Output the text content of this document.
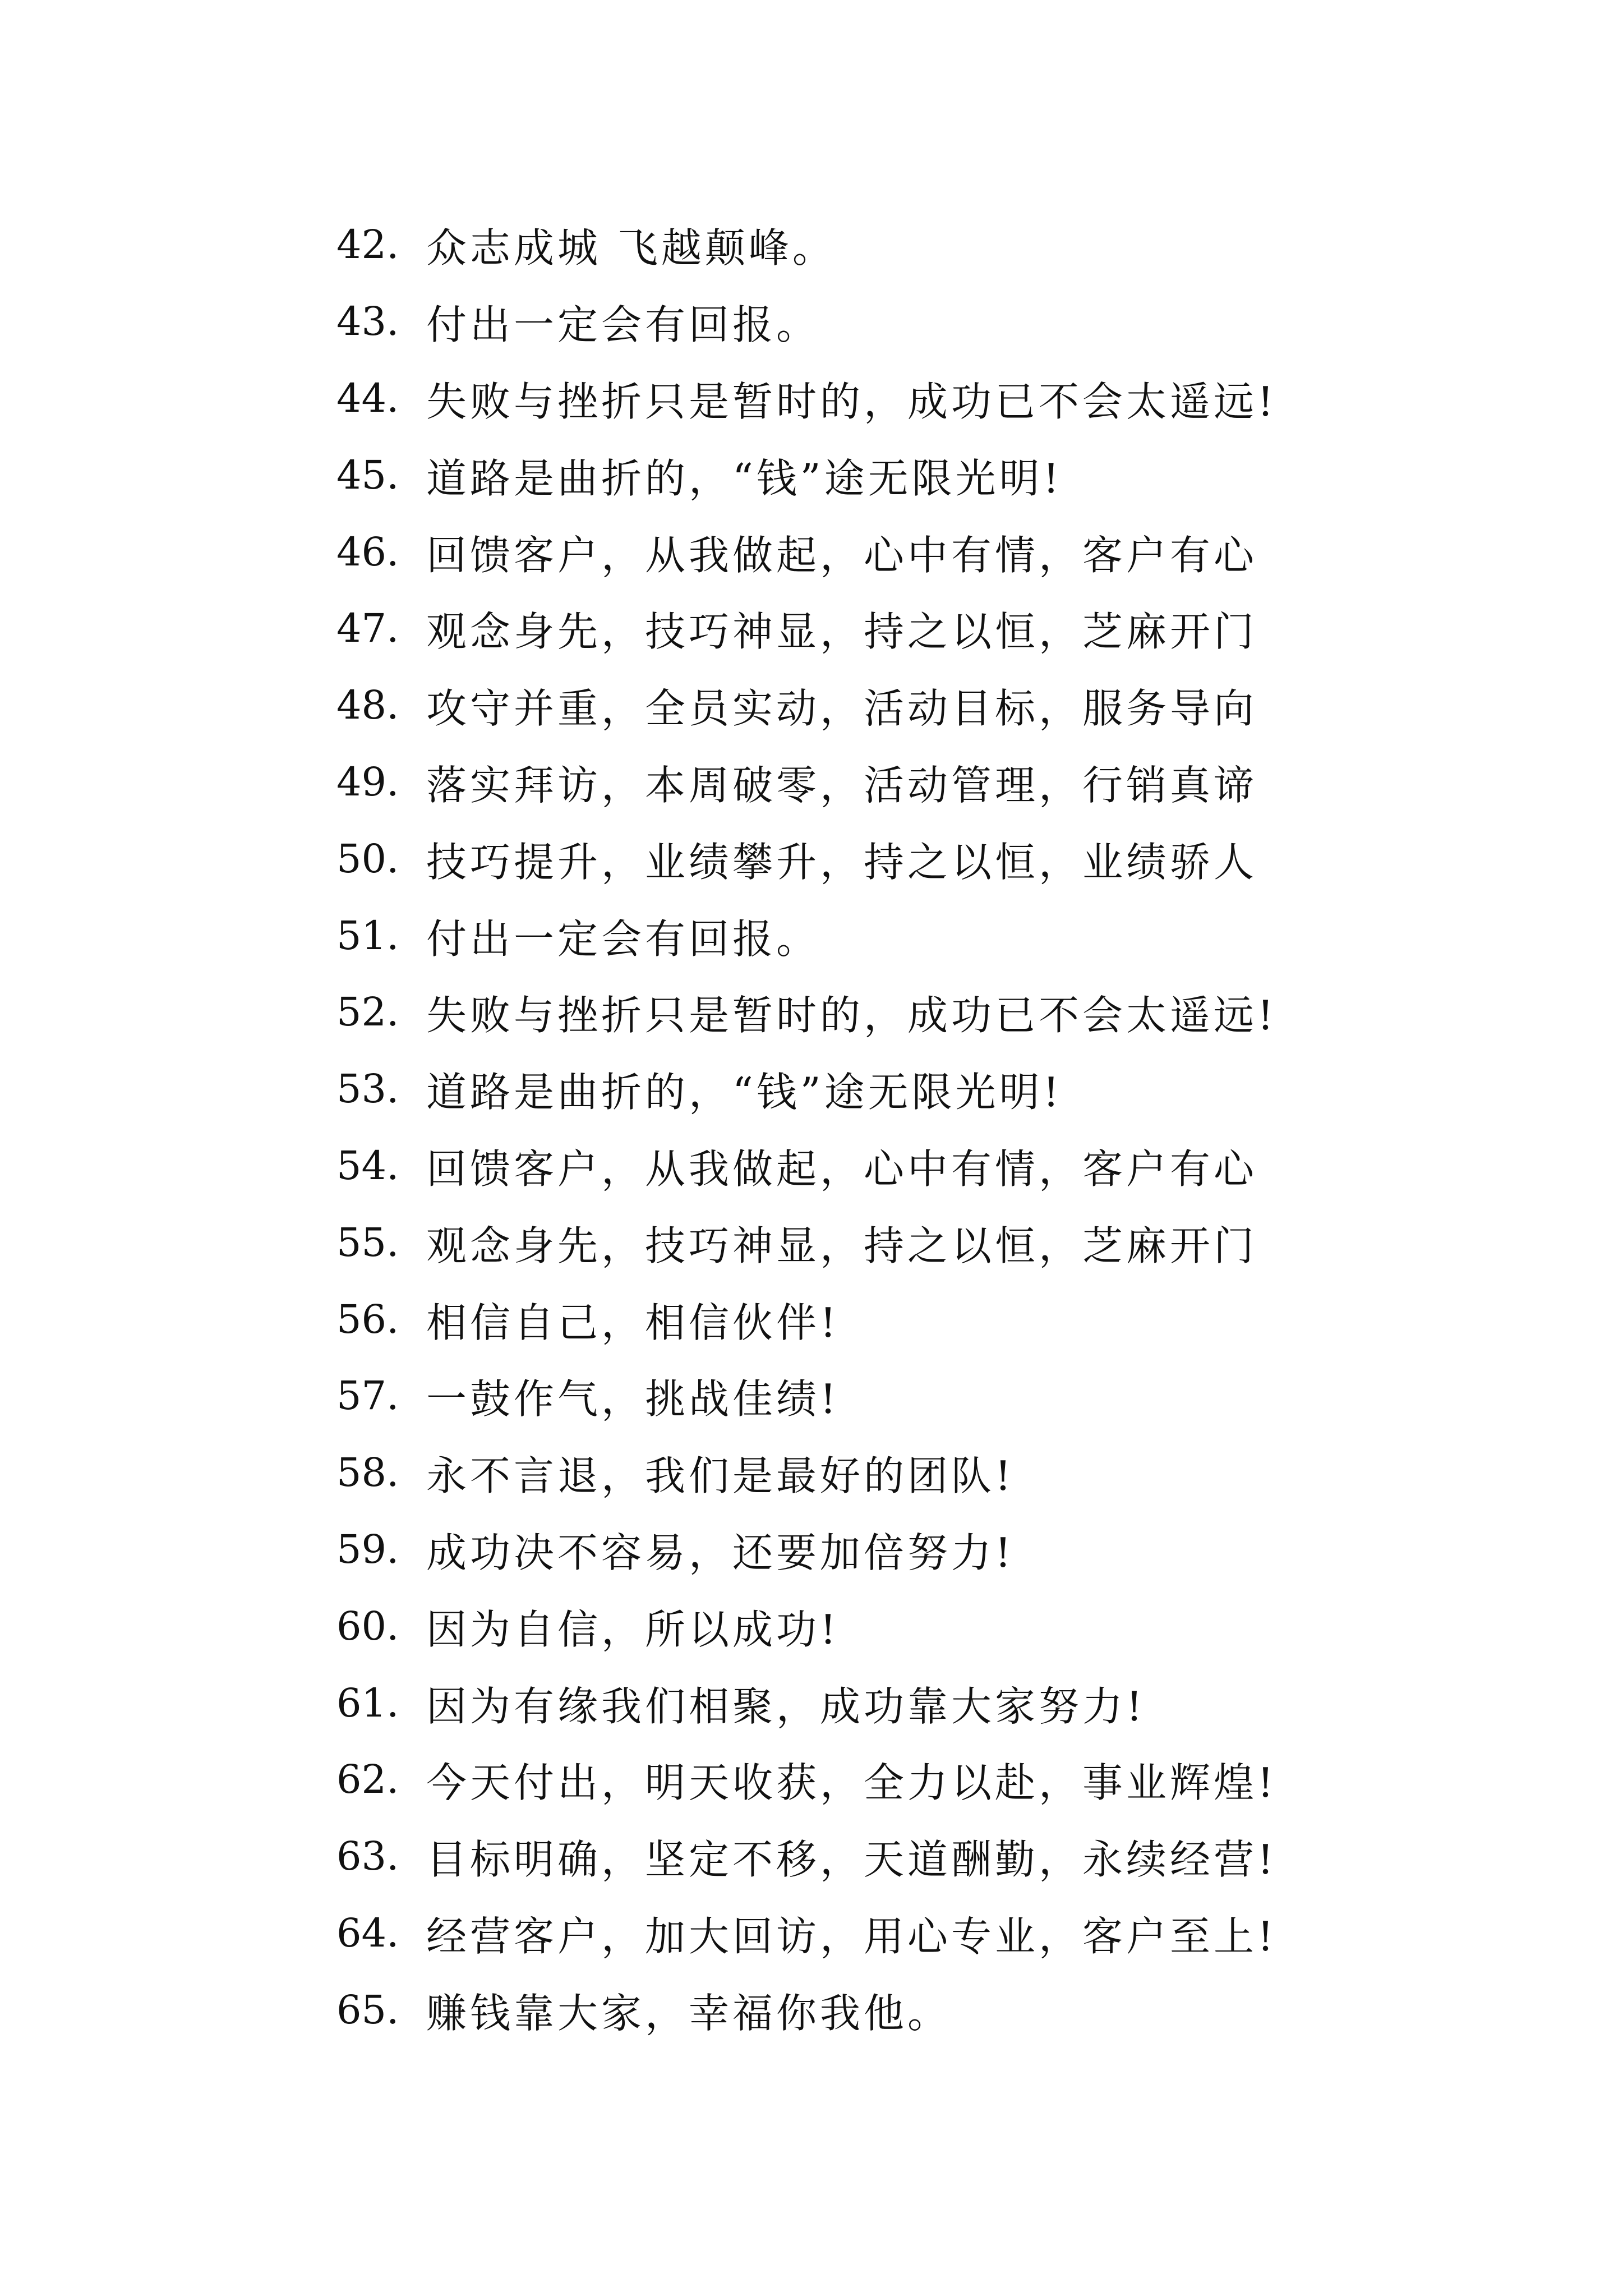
42. 众志成城 飞越颠峰。
43. 付出一定会有回报。
44. 失败与挫折只是暂时的，成功已不会太遥远!
45. 道路是曲折的，“钱”途无限光明!
46. 回馈客户，从我做起，心中有情，客户有心
47. 观念身先，技巧神显，持之以恒，芝麻开门
48. 攻守并重，全员实动，活动目标，服务导向
49. 落实拜访，本周破零，活动管理，行销真谛
50. 技巧提升，业绩攀升，持之以恒，业绩骄人
51. 付出一定会有回报。
52. 失败与挫折只是暂时的，成功已不会太遥远!
53. 道路是曲折的，“钱”途无限光明!
54. 回馈客户，从我做起，心中有情，客户有心
55. 观念身先，技巧神显，持之以恒，芝麻开门
56. 相信自己，相信伙伴!
57. 一鼓作气，挑战佳绩!
58. 永不言退，我们是最好的团队!
59. 成功决不容易，还要加倍努力!
60. 因为自信，所以成功!
61. 因为有缘我们相聚，成功靠大家努力!
62. 今天付出，明天收获，全力以赴，事业辉煌!
63. 目标明确，坚定不移，天道酬勤，永续经营!
64. 经营客户，加大回访，用心专业，客户至上!
65. 赚钱靠大家，幸福你我他。
